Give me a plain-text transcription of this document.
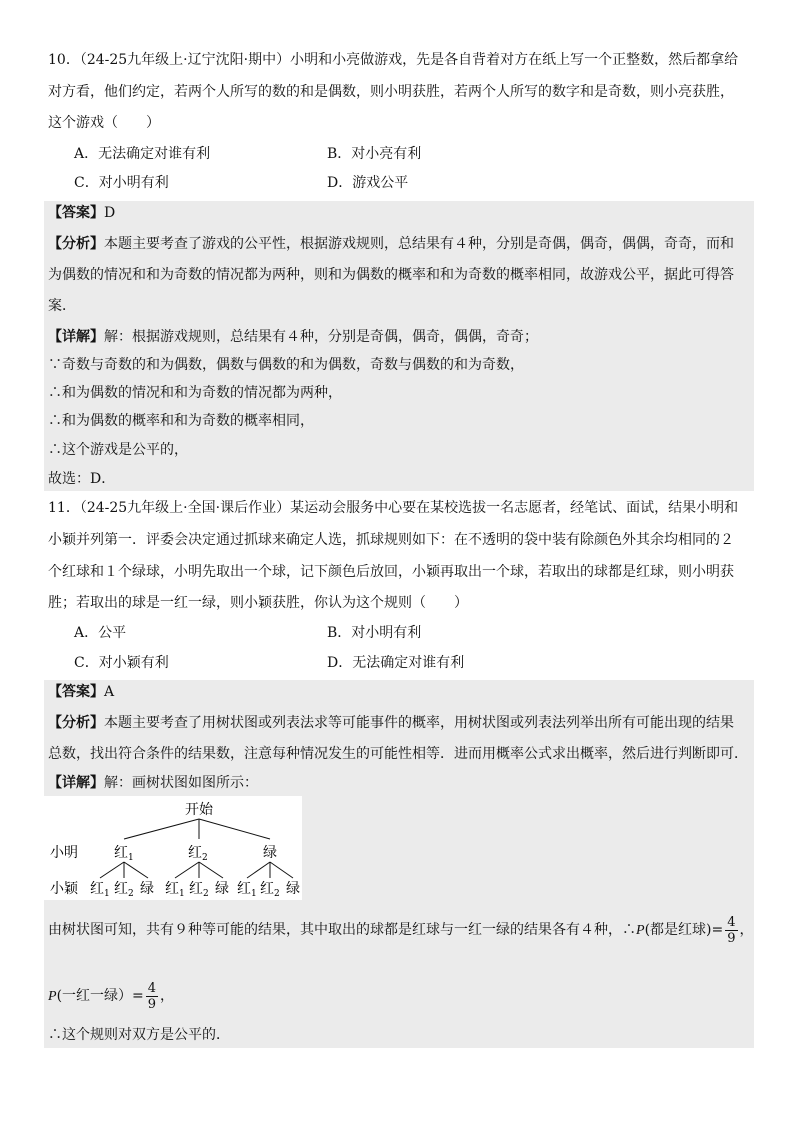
10．（24-25九年级上·辽宁沈阳·期中）小明和小亮做游戏，先是各自背着对方在纸上写一个正整数，然后都拿给
对方看，他们约定，若两个人所写的数的和是偶数，则小明获胜，若两个人所写的数字和是奇数，则小亮获胜，
这个游戏（　　）
A．无法确定对谁有利	B．对小亮有利
C．对小明有利	D．游戏公平
【答案】D
【分析】本题主要考查了游戏的公平性，根据游戏规则，总结果有４种，分别是奇偶，偶奇，偶偶，奇奇，而和
为偶数的情况和和为奇数的情况都为两种，则和为偶数的概率和和为奇数的概率相同，故游戏公平，据此可得答
案．
【详解】解：根据游戏规则，总结果有４种，分别是奇偶，偶奇，偶偶，奇奇；
∵奇数与奇数的和为偶数，偶数与偶数的和为偶数，奇数与偶数的和为奇数，
∴和为偶数的情况和和为奇数的情况都为两种，
∴和为偶数的概率和和为奇数的概率相同，
∴这个游戏是公平的，
故选：D．
11．（24-25九年级上·全国·课后作业）某运动会服务中心要在某校选拔一名志愿者，经笔试、面试，结果小明和
小颖并列第一．评委会决定通过抓球来确定人选，抓球规则如下：在不透明的袋中装有除颜色外其余均相同的２
个红球和１个绿球，小明先取出一个球，记下颜色后放回，小颖再取出一个球，若取出的球都是红球，则小明获
胜；若取出的球是一红一绿，则小颖获胜，你认为这个规则（　　）
A．公平	B．对小明有利
C．对小颖有利	D．无法确定对谁有利
【答案】A
【分析】本题主要考查了用树状图或列表法求等可能事件的概率，用树状图或列表法列举出所有可能出现的结果
总数，找出符合条件的结果数，注意每种情况发生的可能性相等．进而用概率公式求出概率，然后进行判断即可．
【详解】解：画树状图如图所示：
开始
小明	红$_1$	红$_2$	绿
小颖 红$_1$ 红$_2$ 绿 红$_1$ 红$_2$ 绿 红$_1$ 红$_2$ 绿
由树状图可知，共有９种等可能的结果，其中取出的球都是红球与一红一绿的结果各有４种，∴P(都是红球)= $\frac{4}{9}$ ，
P(一红一绿）= $\frac{4}{9}$ ，
∴这个规则对双方是公平的．
